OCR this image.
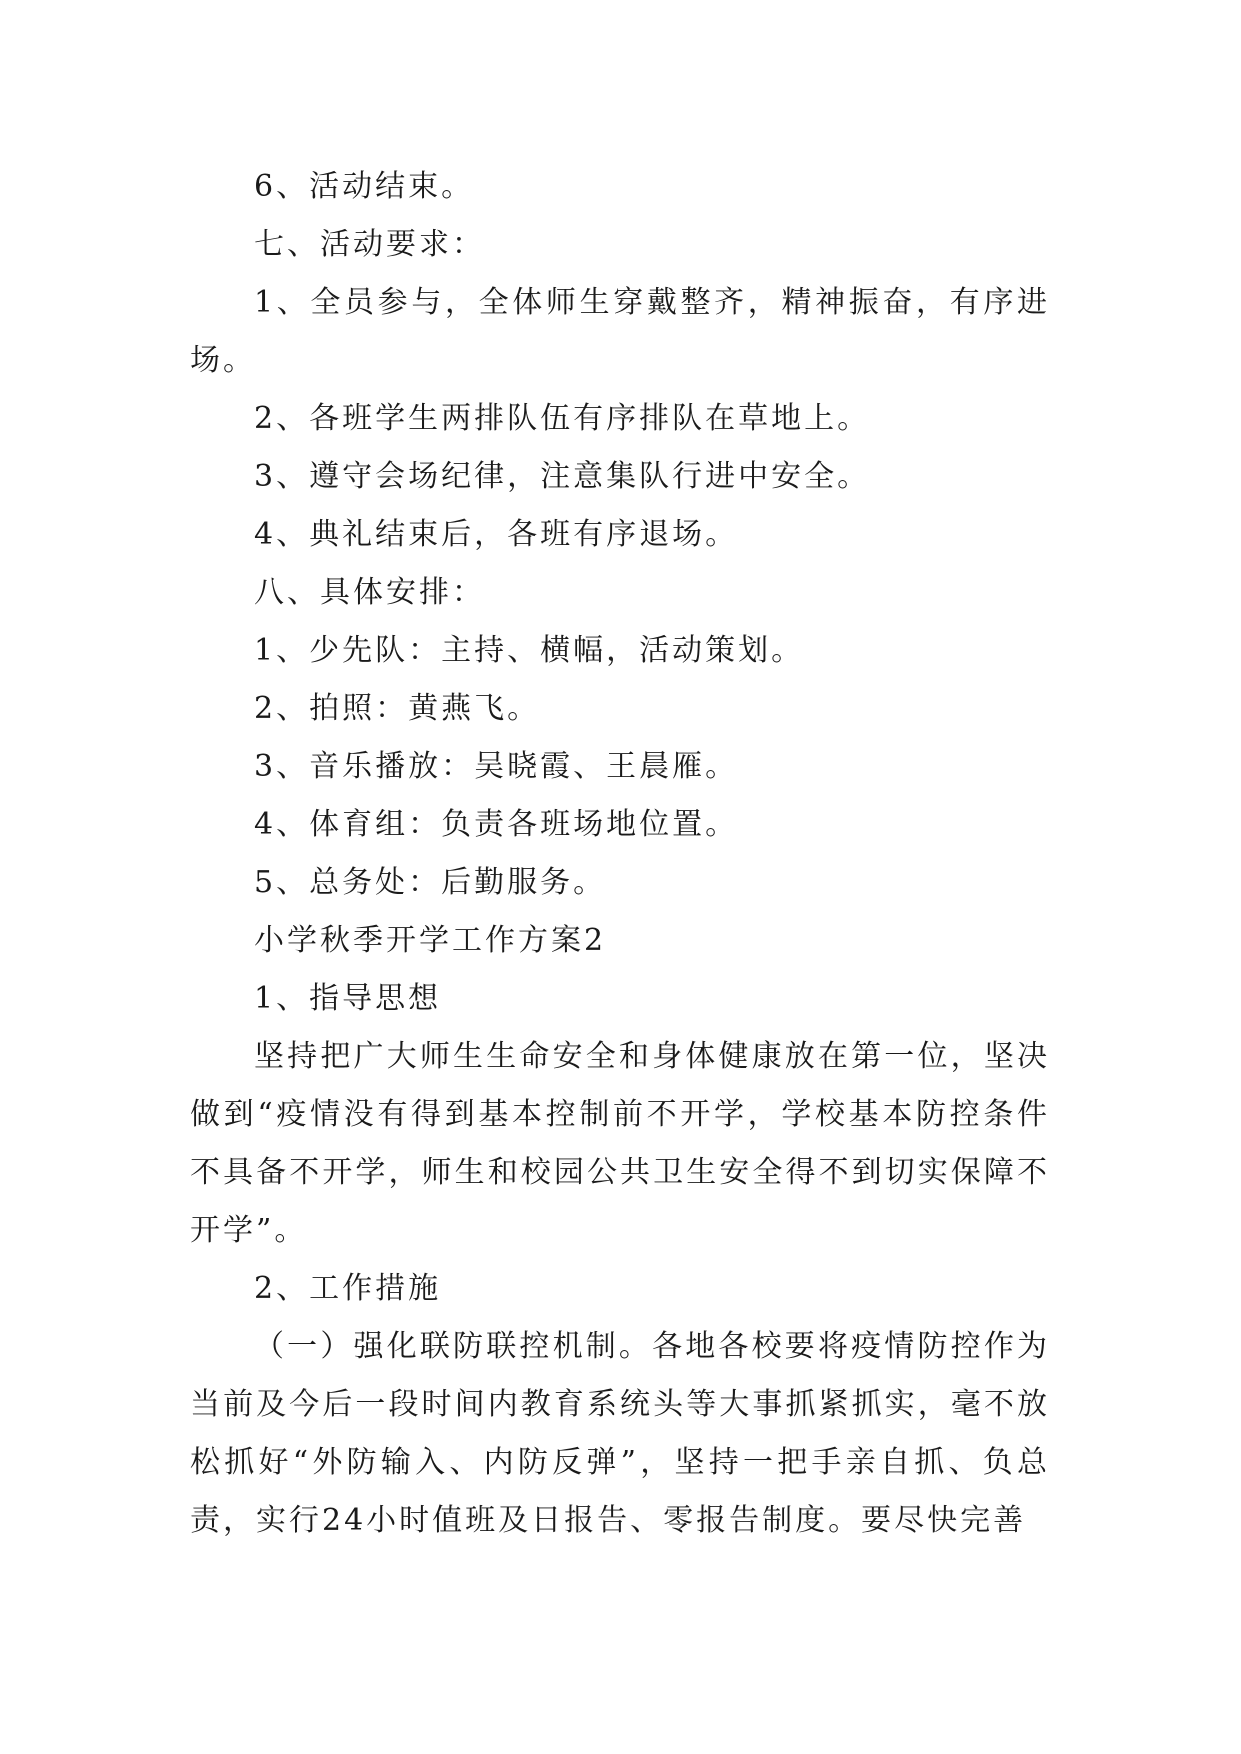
6、活动结束。

七、活动要求：

1、全员参与，全体师生穿戴整齐，精神振奋，有序进场。

2、各班学生两排队伍有序排队在草地上。

3、遵守会场纪律，注意集队行进中安全。

4、典礼结束后，各班有序退场。

八、具体安排：

1、少先队：主持、横幅，活动策划。

2、拍照：黄燕飞。

3、音乐播放：吴晓霞、王晨雁。

4、体育组：负责各班场地位置。

5、总务处：后勤服务。

小学秋季开学工作方案2

1、指导思想

坚持把广大师生生命安全和身体健康放在第一位，坚决做到“疫情没有得到基本控制前不开学，学校基本防控条件不具备不开学，师生和校园公共卫生安全得不到切实保障不开学”。

2、工作措施

（一）强化联防联控机制。各地各校要将疫情防控作为当前及今后一段时间内教育系统头等大事抓紧抓实，毫不放松抓好“外防输入、内防反弹”，坚持一把手亲自抓、负总责，实行24小时值班及日报告、零报告制度。要尽快完善
